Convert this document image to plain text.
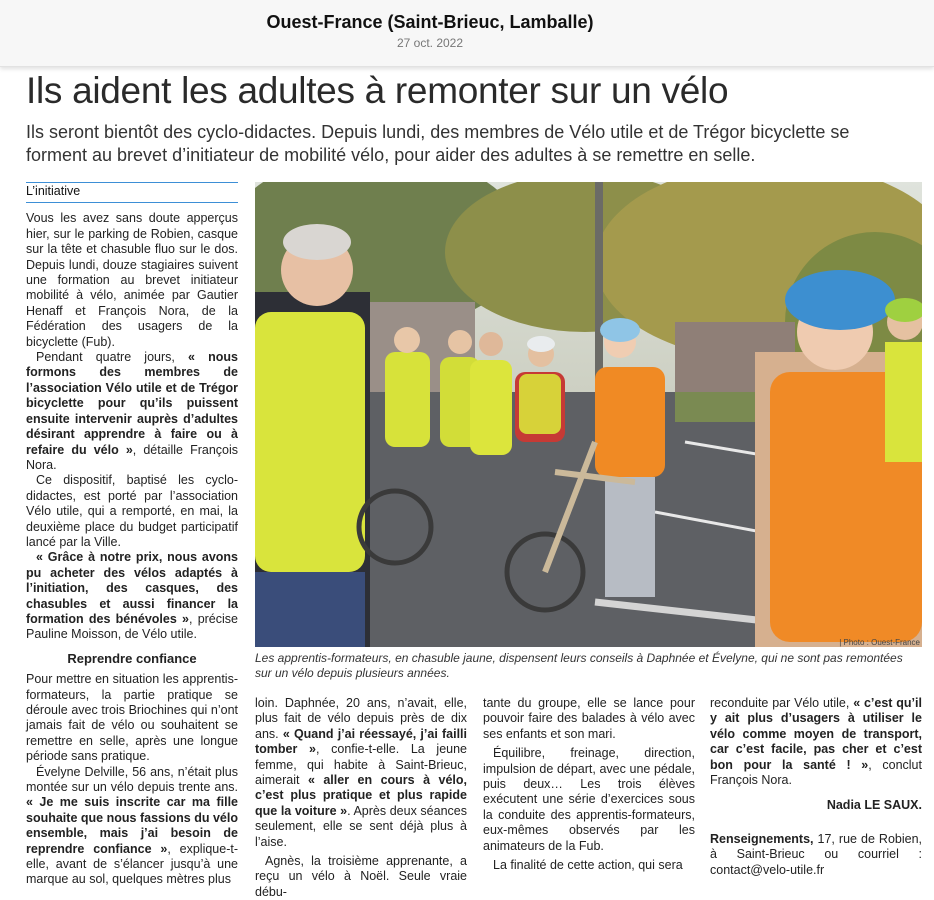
Ouest-France (Saint-Brieuc, Lamballe)
27 oct. 2022
Ils aident les adultes à remonter sur un vélo
Ils seront bientôt des cyclo-didactes. Depuis lundi, des membres de Vélo utile et de Trégor bicyclette se forment au brevet d’initiateur de mobilité vélo, pour aider des adultes à se remettre en selle.

L’initiative

Vous les avez sans doute apperçus hier, sur le parking de Robien, casque sur la tête et chasuble fluo sur le dos. Depuis lundi, douze stagiaires suivent une formation au brevet initiateur mobilité à vélo, animée par Gautier Henaff et François Nora, de la Fédération des usagers de la bicyclette (Fub).

Pendant quatre jours, « nous formons des membres de l’association Vélo utile et de Trégor bicyclette pour qu’ils puissent ensuite intervenir auprès d’adultes désirant apprendre à faire ou à refaire du vélo », détaille François Nora.

Ce dispositif, baptisé les cyclo-didactes, est porté par l’association Vélo utile, qui a remporté, en mai, la deuxième place du budget participatif lancé par la Ville.

« Grâce à notre prix, nous avons pu acheter des vélos adaptés à l’initiation, des casques, des chasubles et aussi financer la formation des bénévoles », précise Pauline Moisson, de Vélo utile.

Reprendre confiance

Pour mettre en situation les apprentis-formateurs, la partie pratique se déroule avec trois Briochines qui n’ont jamais fait de vélo ou souhaitent se remettre en selle, après une longue période sans pratique.

Évelyne Delville, 56 ans, n’était plus montée sur un vélo depuis trente ans. « Je me suis inscrite car ma fille souhaite que nous fassions du vélo ensemble, mais j’ai besoin de reprendre confiance », explique-t-elle, avant de s’élancer jusqu’à une marque au sol, quelques mètres plus

| Photo : Ouest-France
Les apprentis-formateurs, en chasuble jaune, dispensent leurs conseils à Daphnée et Évelyne, qui ne sont pas remontées sur un vélo depuis plusieurs années.

loin. Daphnée, 20 ans, n’avait, elle, plus fait de vélo depuis près de dix ans. « Quand j’ai réessayé, j’ai failli tomber », confie-t-elle. La jeune femme, qui habite à Saint-Brieuc, aimerait « aller en cours à vélo, c’est plus pratique et plus rapide que la voiture ». Après deux séances seulement, elle se sent déjà plus à l’aise.

Agnès, la troisième apprenante, a reçu un vélo à Noël. Seule vraie débu-

tante du groupe, elle se lance pour pouvoir faire des balades à vélo avec ses enfants et son mari.

Équilibre, freinage, direction, impulsion de départ, avec une pédale, puis deux… Les trois élèves exécutent une série d’exercices sous la conduite des apprentis-formateurs, eux-mêmes observés par les animateurs de la Fub.

La finalité de cette action, qui sera

reconduite par Vélo utile, « c’est qu’il y ait plus d’usagers à utiliser le vélo comme moyen de transport, car c’est facile, pas cher et c’est bon pour la santé ! », conclut François Nora.

Nadia LE SAUX.

Renseignements, 17, rue de Robien, à Saint-Brieuc ou courriel : contact@velo-utile.fr
